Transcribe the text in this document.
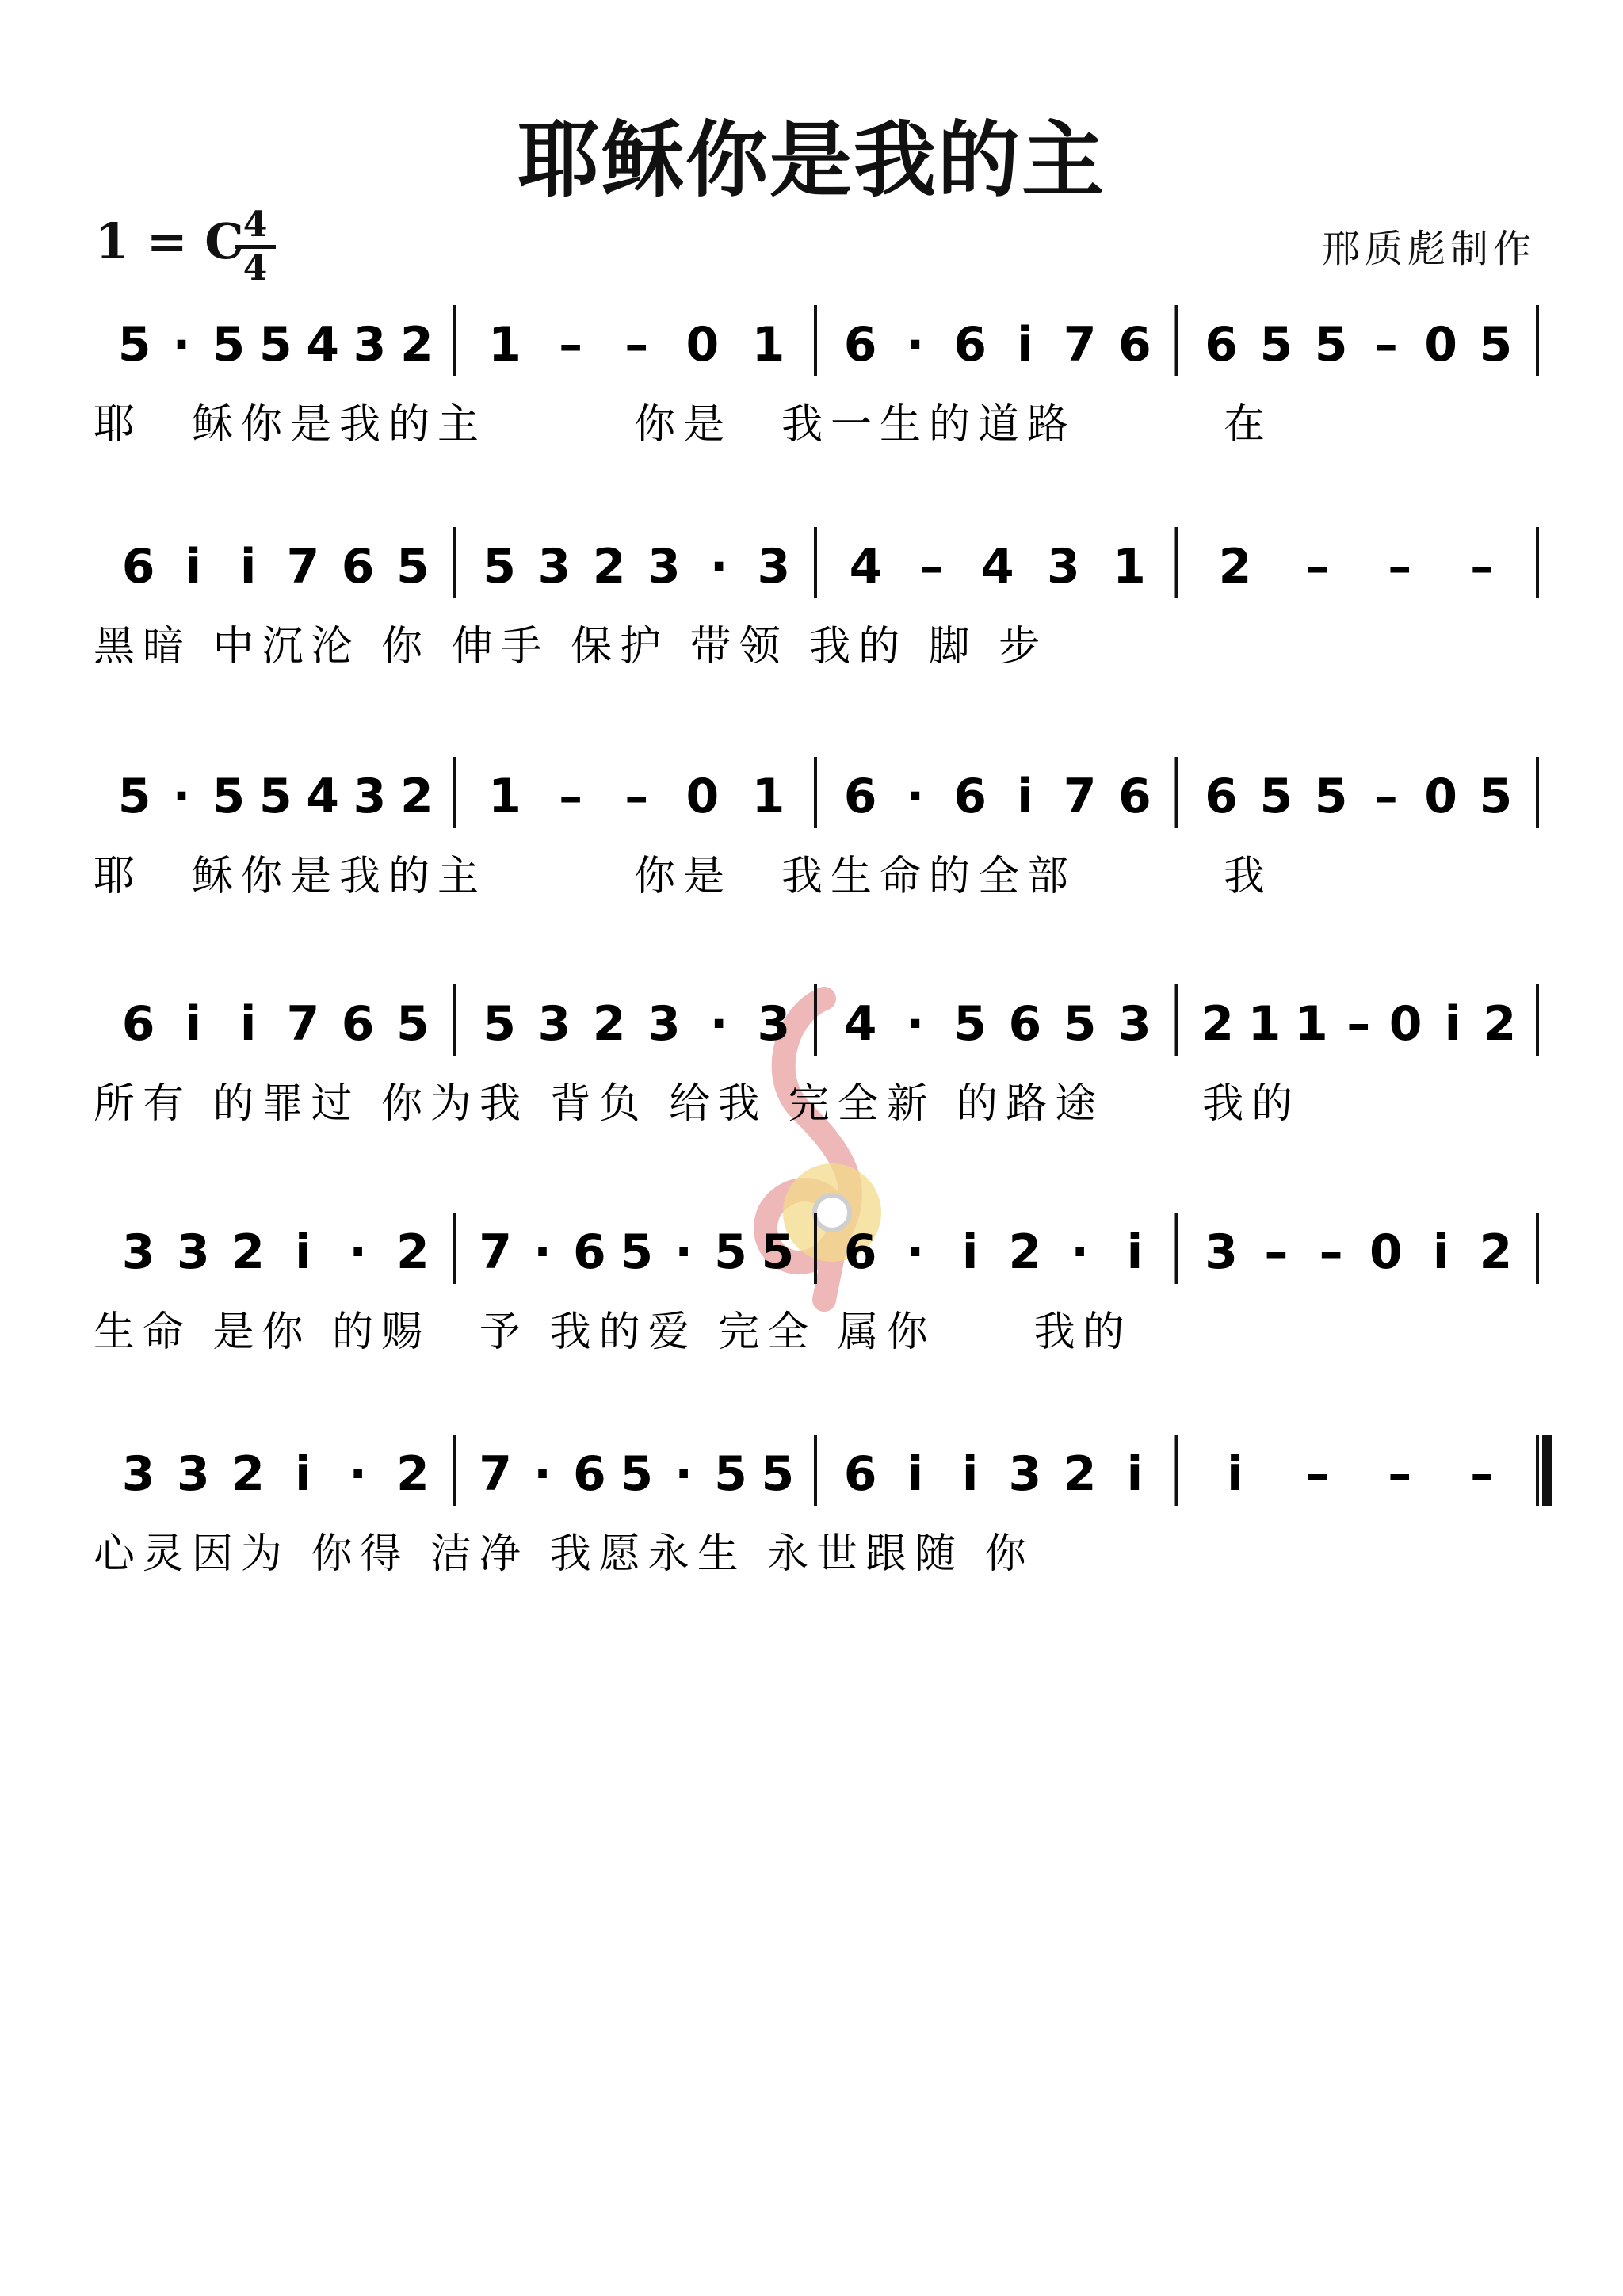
耶稣你是我的主
1 = C 4
4	邢质彪制作
5 · 5 5 4 3 2 1 – – 0 1 6 · 6 i 7 6 6 5 5 – 0 5
耶　稣你是我的主　　　你是　我一生的道路　　　在
6 i i 7 6 5 5 3 2 3 · 3 4 – 4 3 1 2 – – –
黑暗 中沉沦 你 伸手 保护 带领 我的 脚 步
5 · 5 5 4 3 2 1 – – 0 1 6 · 6 i 7 6 6 5 5 – 0 5
耶　稣你是我的主　　　你是　我生命的全部　　　我
6 i i 7 6 5 5 3 2 3 · 3 4 · 5 6 5 3 2 1 1 – 0 i 2
所有 的罪过 你为我 背负 给我 完全新 的路途　　我的
3 3 2 i · 2 7 · 6 5 · 5 5 6 · i 2 · i 3 – – 0 i 2
生命 是你 的赐　予 我的爱 完全 属你　　我的
3 3 2 i · 2 7 · 6 5 · 5 5 6 i i 3 2 i i – – –
心灵因为 你得 洁净 我愿永生 永世跟随 你
